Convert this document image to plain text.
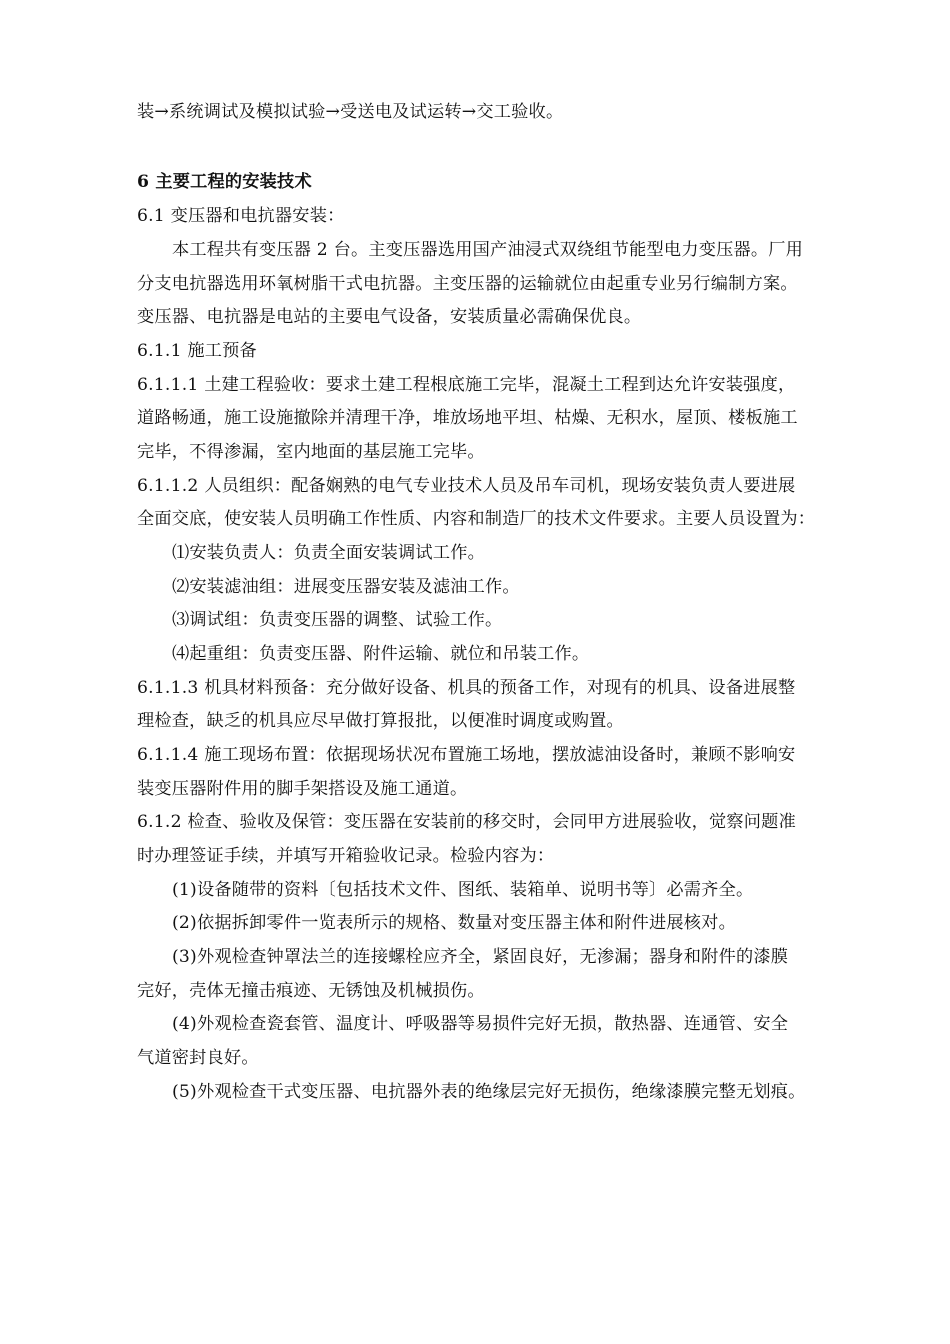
装→系统调试及模拟试验→受送电及试运转→交工验收。
6 主要工程的安装技术
6.1 变压器和电抗器安装：
本工程共有变压器 2 台。主变压器选用国产油浸式双绕组节能型电力变压器。厂用
分支电抗器选用环氧树脂干式电抗器。主变压器的运输就位由起重专业另行编制方案。
变压器、电抗器是电站的主要电气设备，安装质量必需确保优良。
6.1.1 施工预备
6.1.1.1 土建工程验收：要求土建工程根底施工完毕，混凝土工程到达允许安装强度，
道路畅通，施工设施撤除并清理干净，堆放场地平坦、枯燥、无积水，屋顶、楼板施工
完毕，不得渗漏，室内地面的基层施工完毕。
6.1.1.2 人员组织：配备娴熟的电气专业技术人员及吊车司机，现场安装负责人要进展
全面交底，使安装人员明确工作性质、内容和制造厂的技术文件要求。主要人员设置为：
⑴安装负责人：负责全面安装调试工作。
⑵安装滤油组：进展变压器安装及滤油工作。
⑶调试组：负责变压器的调整、试验工作。
⑷起重组：负责变压器、附件运输、就位和吊装工作。
6.1.1.3 机具材料预备：充分做好设备、机具的预备工作，对现有的机具、设备进展整
理检查，缺乏的机具应尽早做打算报批，以便准时调度或购置。
6.1.1.4 施工现场布置：依据现场状况布置施工场地，摆放滤油设备时，兼顾不影响安
装变压器附件用的脚手架搭设及施工通道。
6.1.2 检查、验收及保管：变压器在安装前的移交时，会同甲方进展验收，觉察问题准
时办理签证手续，并填写开箱验收记录。检验内容为：
(1)设备随带的资料〔包括技术文件、图纸、装箱单、说明书等〕必需齐全。
(2)依据拆卸零件一览表所示的规格、数量对变压器主体和附件进展核对。
(3)外观检查钟罩法兰的连接螺栓应齐全，紧固良好，无渗漏；器身和附件的漆膜
完好，壳体无撞击痕迹、无锈蚀及机械损伤。
(4)外观检查瓷套管、温度计、呼吸器等易损件完好无损，散热器、连通管、安全
气道密封良好。
(5)外观检查干式变压器、电抗器外表的绝缘层完好无损伤，绝缘漆膜完整无划痕。
